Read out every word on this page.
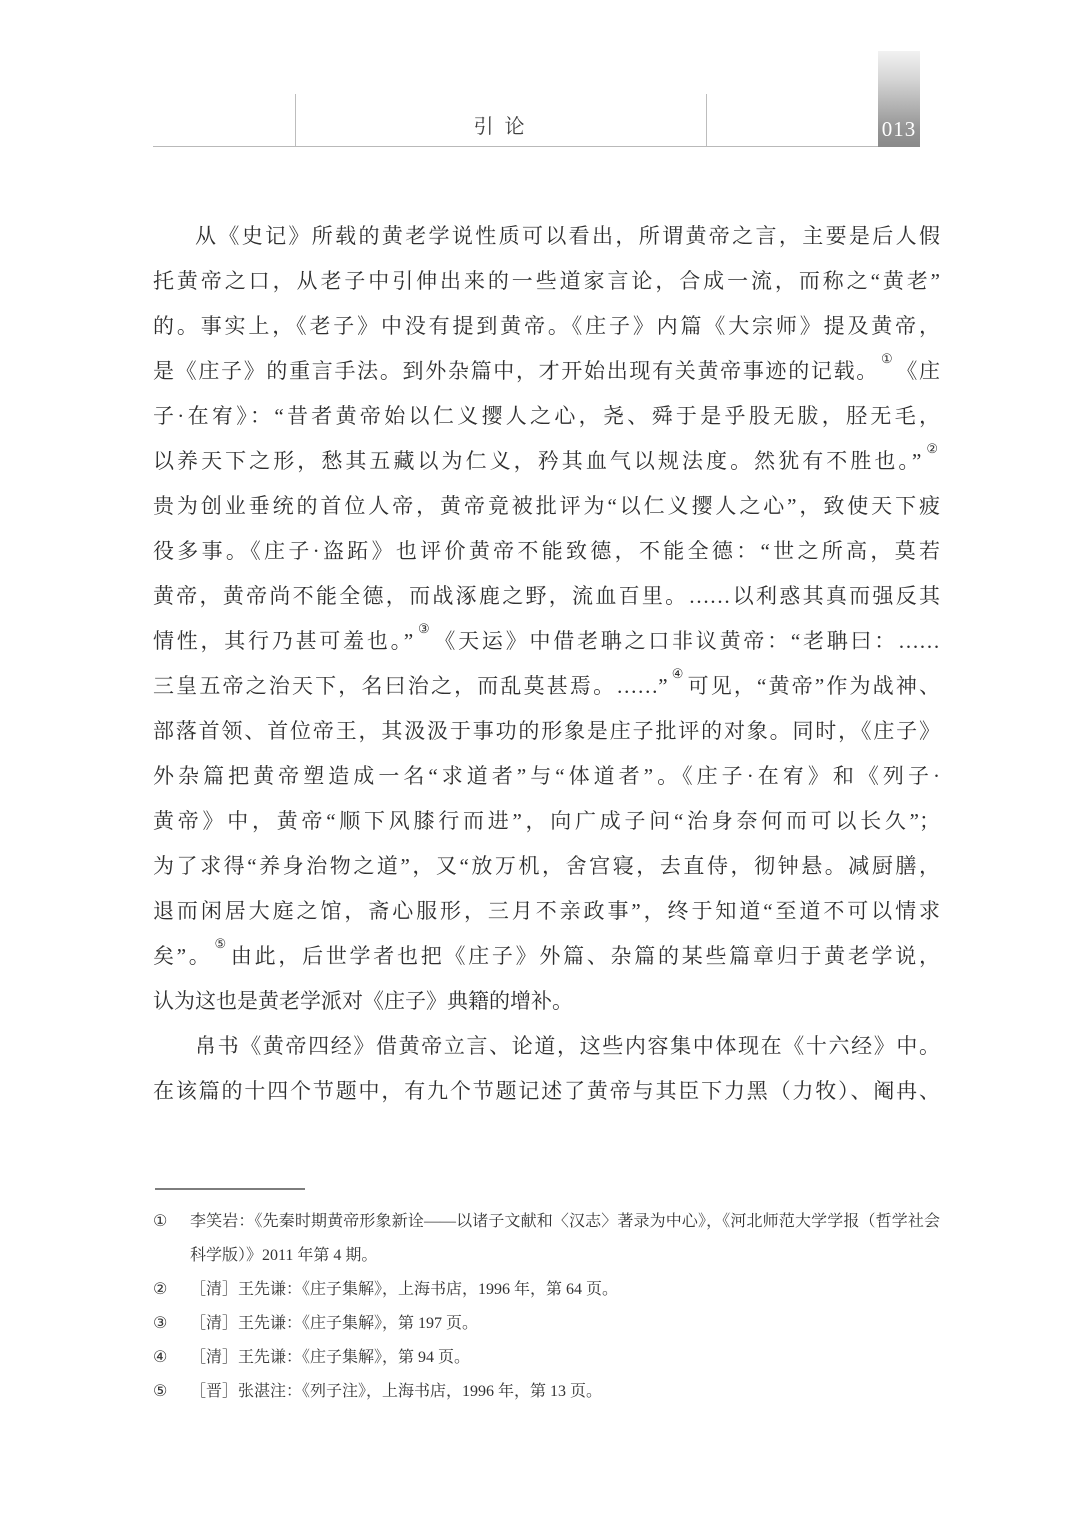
引 论	013
从《史记》所载的黄老学说性质可以看出，所谓黄帝之言，主要是后人假
托黄帝之口，从老子中引伸出来的一些道家言论，合成一流，而称之“黄老”
的。事实上，《老子》中没有提到黄帝。《庄子》内篇《大宗师》提及黄帝，
是《庄子》的重言手法。到外杂篇中，才开始出现有关黄帝事迹的记载。①《庄
子·在宥》：“昔者黄帝始以仁义撄人之心，尧、舜于是乎股无胈，胫无毛，
以养天下之形，愁其五藏以为仁义，矜其血气以规法度。然犹有不胜也。”②
贵为创业垂统的首位人帝，黄帝竟被批评为“以仁义撄人之心”，致使天下疲
役多事。《庄子·盗跖》也评价黄帝不能致德，不能全德：“世之所高，莫若
黄帝，黄帝尚不能全德，而战涿鹿之野，流血百里。……以利惑其真而强反其
情性，其行乃甚可羞也。”③《天运》中借老聃之口非议黄帝：“老聃曰：……
三皇五帝之治天下，名曰治之，而乱莫甚焉。……”④可见，“黄帝”作为战神、
部落首领、首位帝王，其汲汲于事功的形象是庄子批评的对象。同时，《庄子》
外杂篇把黄帝塑造成一名“求道者”与“体道者”。《庄子·在宥》和《列子·
黄帝》中，黄帝“顺下风膝行而进”，向广成子问“治身奈何而可以长久”；
为了求得“养身治物之道”，又“放万机，舍宫寝，去直侍，彻钟悬。减厨膳，
退而闲居大庭之馆，斋心服形，三月不亲政事”，终于知道“至道不可以情求
矣”。⑤由此，后世学者也把《庄子》外篇、杂篇的某些篇章归于黄老学说，
认为这也是黄老学派对《庄子》典籍的增补。
帛书《黄帝四经》借黄帝立言、论道，这些内容集中体现在《十六经》中。
在该篇的十四个节题中，有九个节题记述了黄帝与其臣下力黑（力牧）、阉冉、
①	李笑岩：《先秦时期黄帝形象新诠——以诸子文献和〈汉志〉著录为中心》，《河北师范大学学报（哲学社会科学版）》2011 年第 4 期。
②	［清］王先谦：《庄子集解》，上海书店，1996 年，第 64 页。
③	［清］王先谦：《庄子集解》，第 197 页。
④	［清］王先谦：《庄子集解》，第 94 页。
⑤	［晋］张湛注：《列子注》，上海书店，1996 年，第 13 页。
